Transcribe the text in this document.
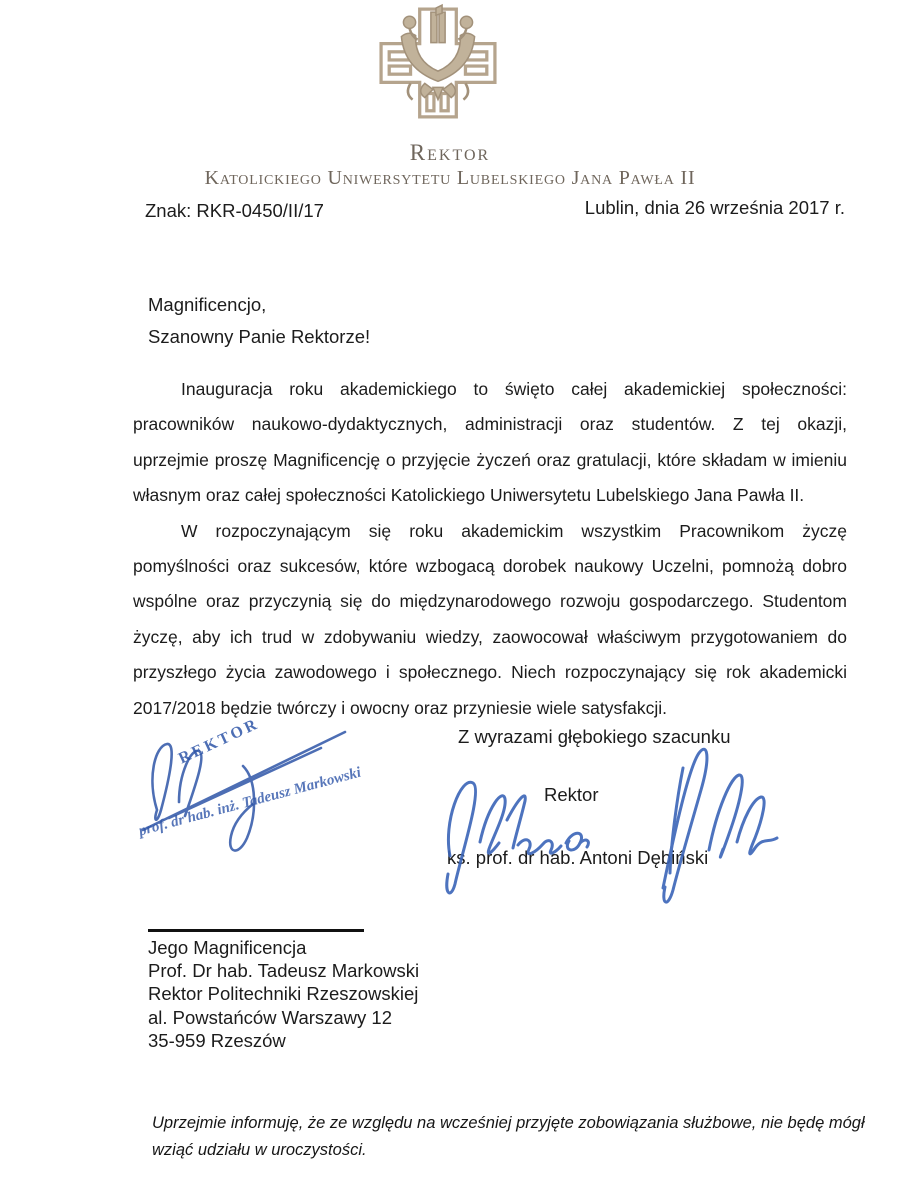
Rektor
Katolickiego Uniwersytetu Lubelskiego Jana Pawła II
Znak: RKR-0450/II/17	Lublin, dnia 26 września 2017 r.
Magnificencjo,
Szanowny Panie Rektorze!
Inauguracja roku akademickiego to święto całej akademickiej społeczności:
pracowników naukowo-dydaktycznych, administracji oraz studentów. Z tej okazji,
uprzejmie proszę Magnificencję o przyjęcie życzeń oraz gratulacji, które składam w imieniu
własnym oraz całej społeczności Katolickiego Uniwersytetu Lubelskiego Jana Pawła II.
W rozpoczynającym się roku akademickim wszystkim Pracownikom życzę
pomyślności oraz sukcesów, które wzbogacą dorobek naukowy Uczelni, pomnożą dobro
wspólne oraz przyczynią się do międzynarodowego rozwoju gospodarczego. Studentom
życzę, aby ich trud w zdobywaniu wiedzy, zaowocował właściwym przygotowaniem do
przyszłego życia zawodowego i społecznego. Niech rozpoczynający się rok akademicki
2017/2018 będzie twórczy i owocny oraz przyniesie wiele satysfakcji.
Z wyrazami głębokiego szacunku
Rektor
ks. prof. dr hab. Antoni Dębiński
REKTOR
prof. dr hab. inż. Tadeusz Markowski
Jego Magnificencja
Prof. Dr hab. Tadeusz Markowski
Rektor Politechniki Rzeszowskiej
al. Powstańców Warszawy 12
35-959 Rzeszów
Uprzejmie informuję, że ze względu na wcześniej przyjęte zobowiązania służbowe, nie będę mógł wziąć udziału w uroczystości.
